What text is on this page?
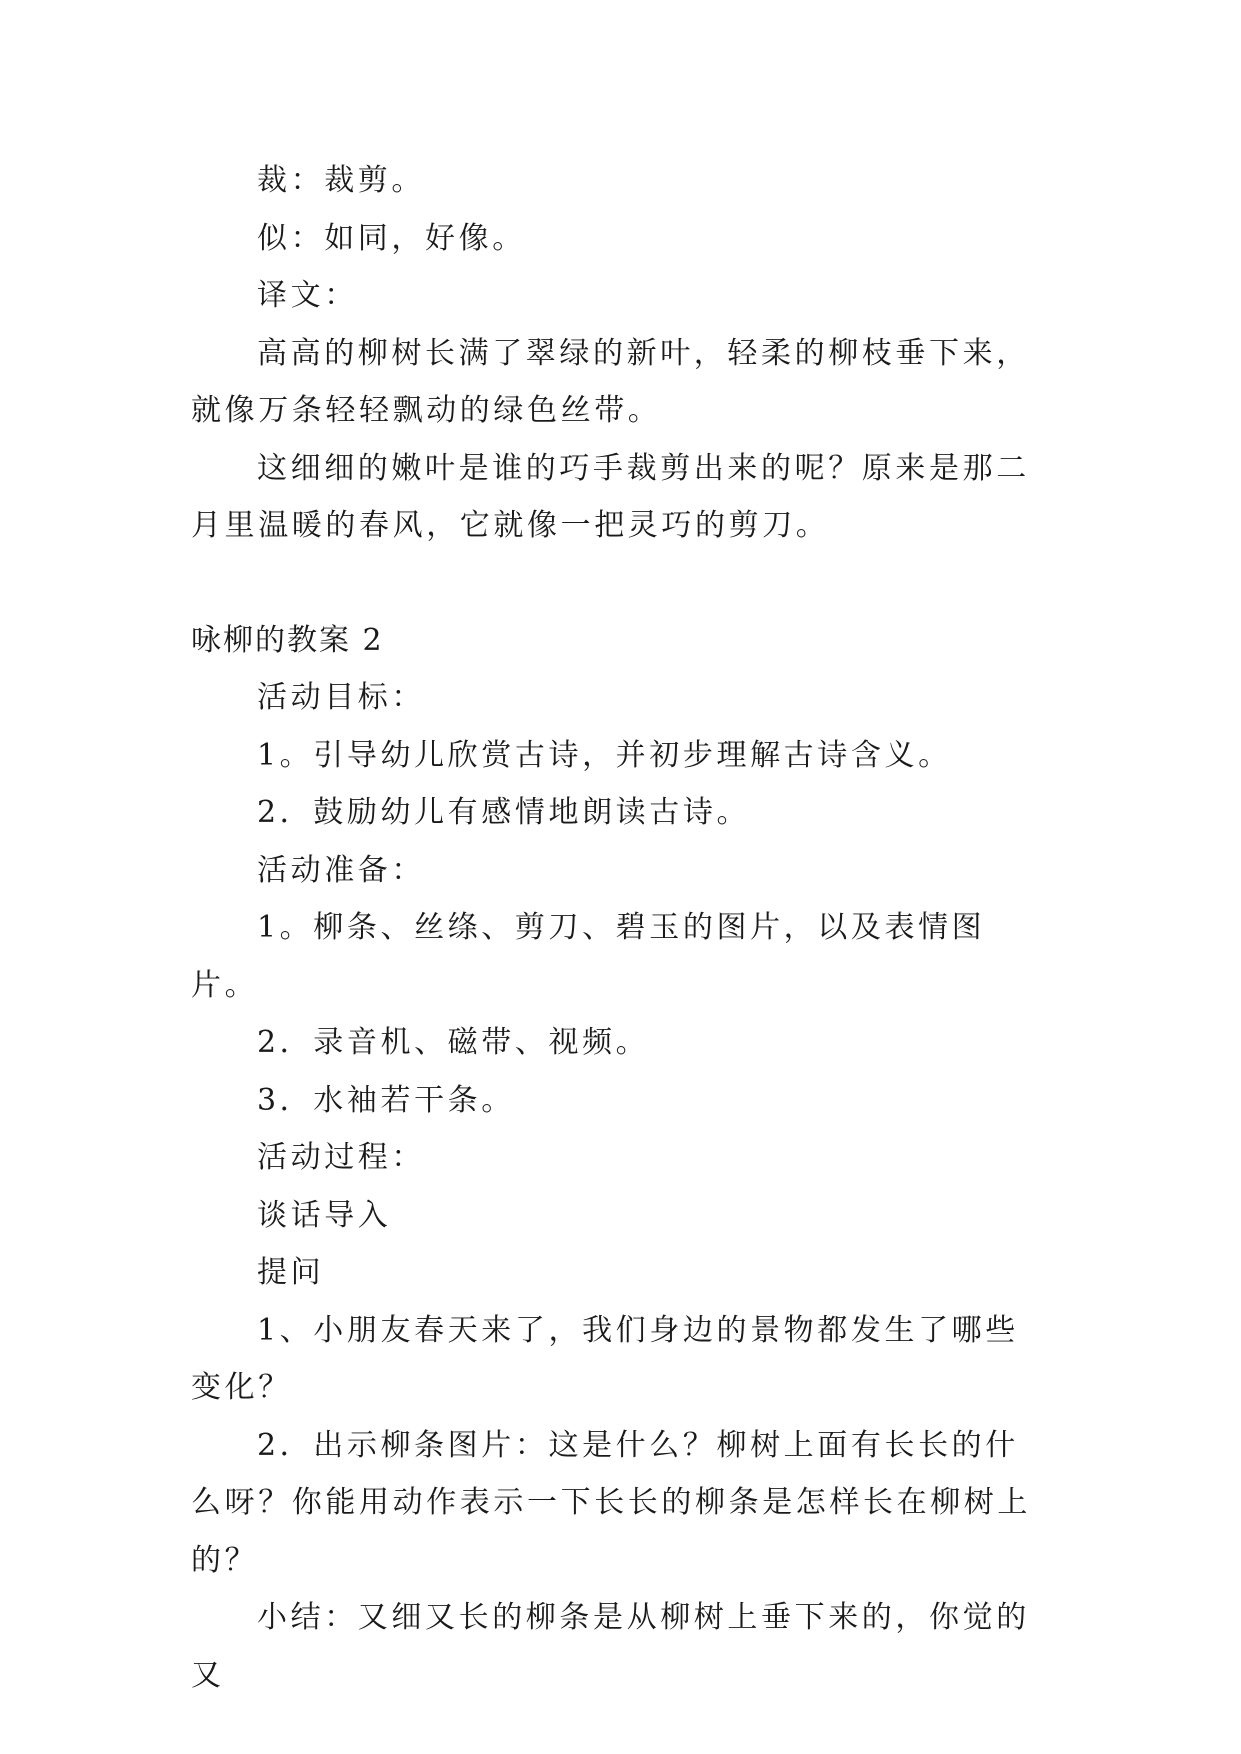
裁：裁剪。

似：如同，好像。

译文：

高高的柳树长满了翠绿的新叶，轻柔的柳枝垂下来，就像万条轻轻飘动的绿色丝带。

这细细的嫩叶是谁的巧手裁剪出来的呢？原来是那二月里温暖的春风，它就像一把灵巧的剪刀。

咏柳的教案 2

活动目标：

1。引导幼儿欣赏古诗，并初步理解古诗含义。

2．鼓励幼儿有感情地朗读古诗。

活动准备：

1。柳条、丝绦、剪刀、碧玉的图片，以及表情图片。

2．录音机、磁带、视频。

3．水袖若干条。

活动过程：

谈话导入

提问

1、小朋友春天来了，我们身边的景物都发生了哪些变化？

2．出示柳条图片：这是什么？柳树上面有长长的什么呀？你能用动作表示一下长长的柳条是怎样长在柳树上的？

小结：又细又长的柳条是从柳树上垂下来的，你觉的又
